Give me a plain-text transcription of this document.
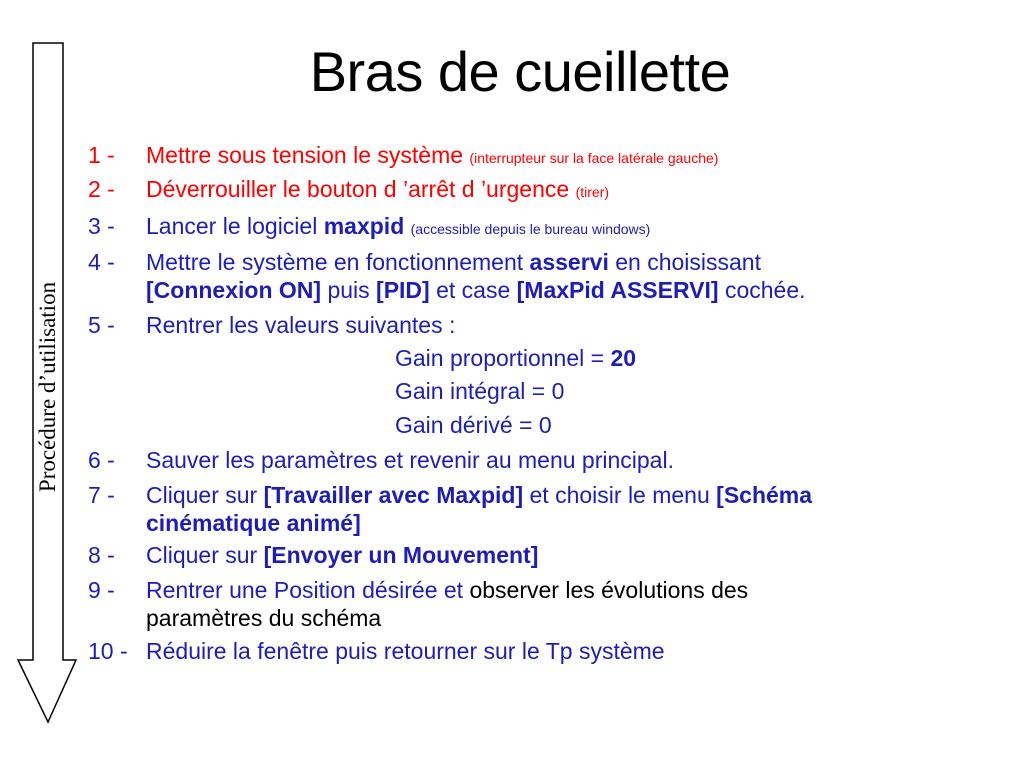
Bras de cueillette
Procédure d’utilisation
1 - Mettre sous tension le système (interrupteur sur la face latérale gauche)
2 - Déverrouiller le bouton d ’arrêt d ’urgence (tirer)
3 - Lancer le logiciel maxpid (accessible depuis le bureau windows)
4 - Mettre le système en fonctionnement asservi en choisissant
[Connexion ON] puis [PID] et case [MaxPid ASSERVI] cochée.
5 - Rentrer les valeurs suivantes :
Gain proportionnel = 20
Gain intégral = 0
Gain dérivé = 0
6 - Sauver les paramètres et revenir au menu principal.
7 - Cliquer sur [Travailler avec Maxpid] et choisir le menu [Schéma
cinématique animé]
8 - Cliquer sur [Envoyer un Mouvement]
9 - Rentrer une Position désirée et observer les évolutions des
paramètres du schéma
10 - Réduire la fenêtre puis retourner sur le Tp système
